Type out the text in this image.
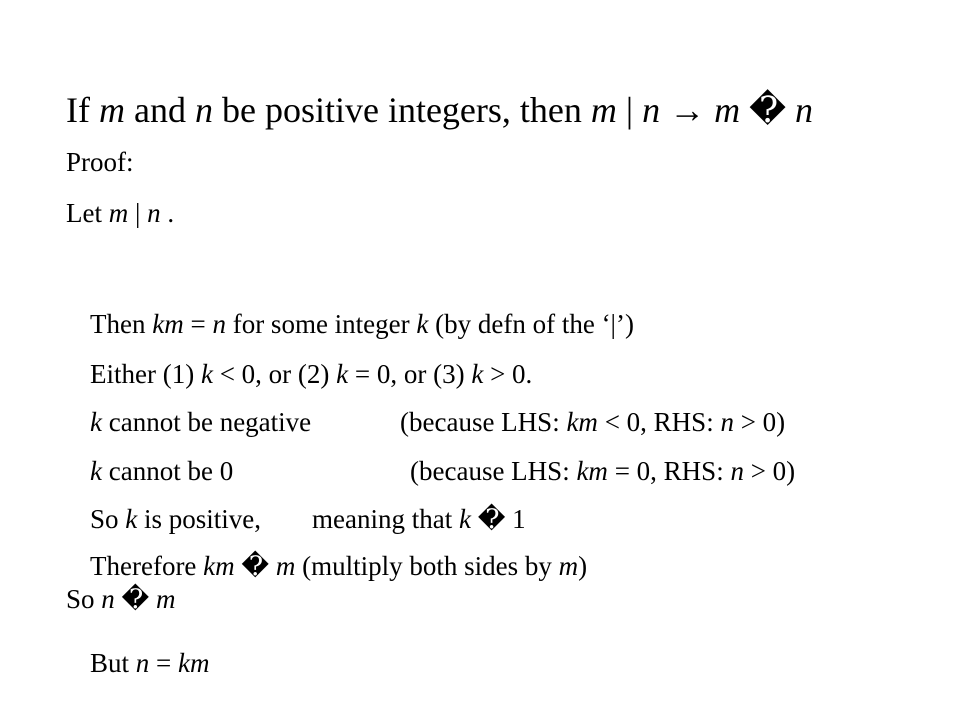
If m and n be positive integers, then m | n → m � n
Proof:
Let m | n .
Then km = n for some integer k (by defn of the ‘|’)
Either (1) k < 0, or (2) k = 0, or (3) k > 0.
k cannot be negative	(because LHS: km < 0, RHS: n > 0)
k cannot be 0	(because LHS: km = 0, RHS: n > 0)
So k is positive, meaning that k � 1
Therefore km � m (multiply both sides by m)
So n � m
But n = km
